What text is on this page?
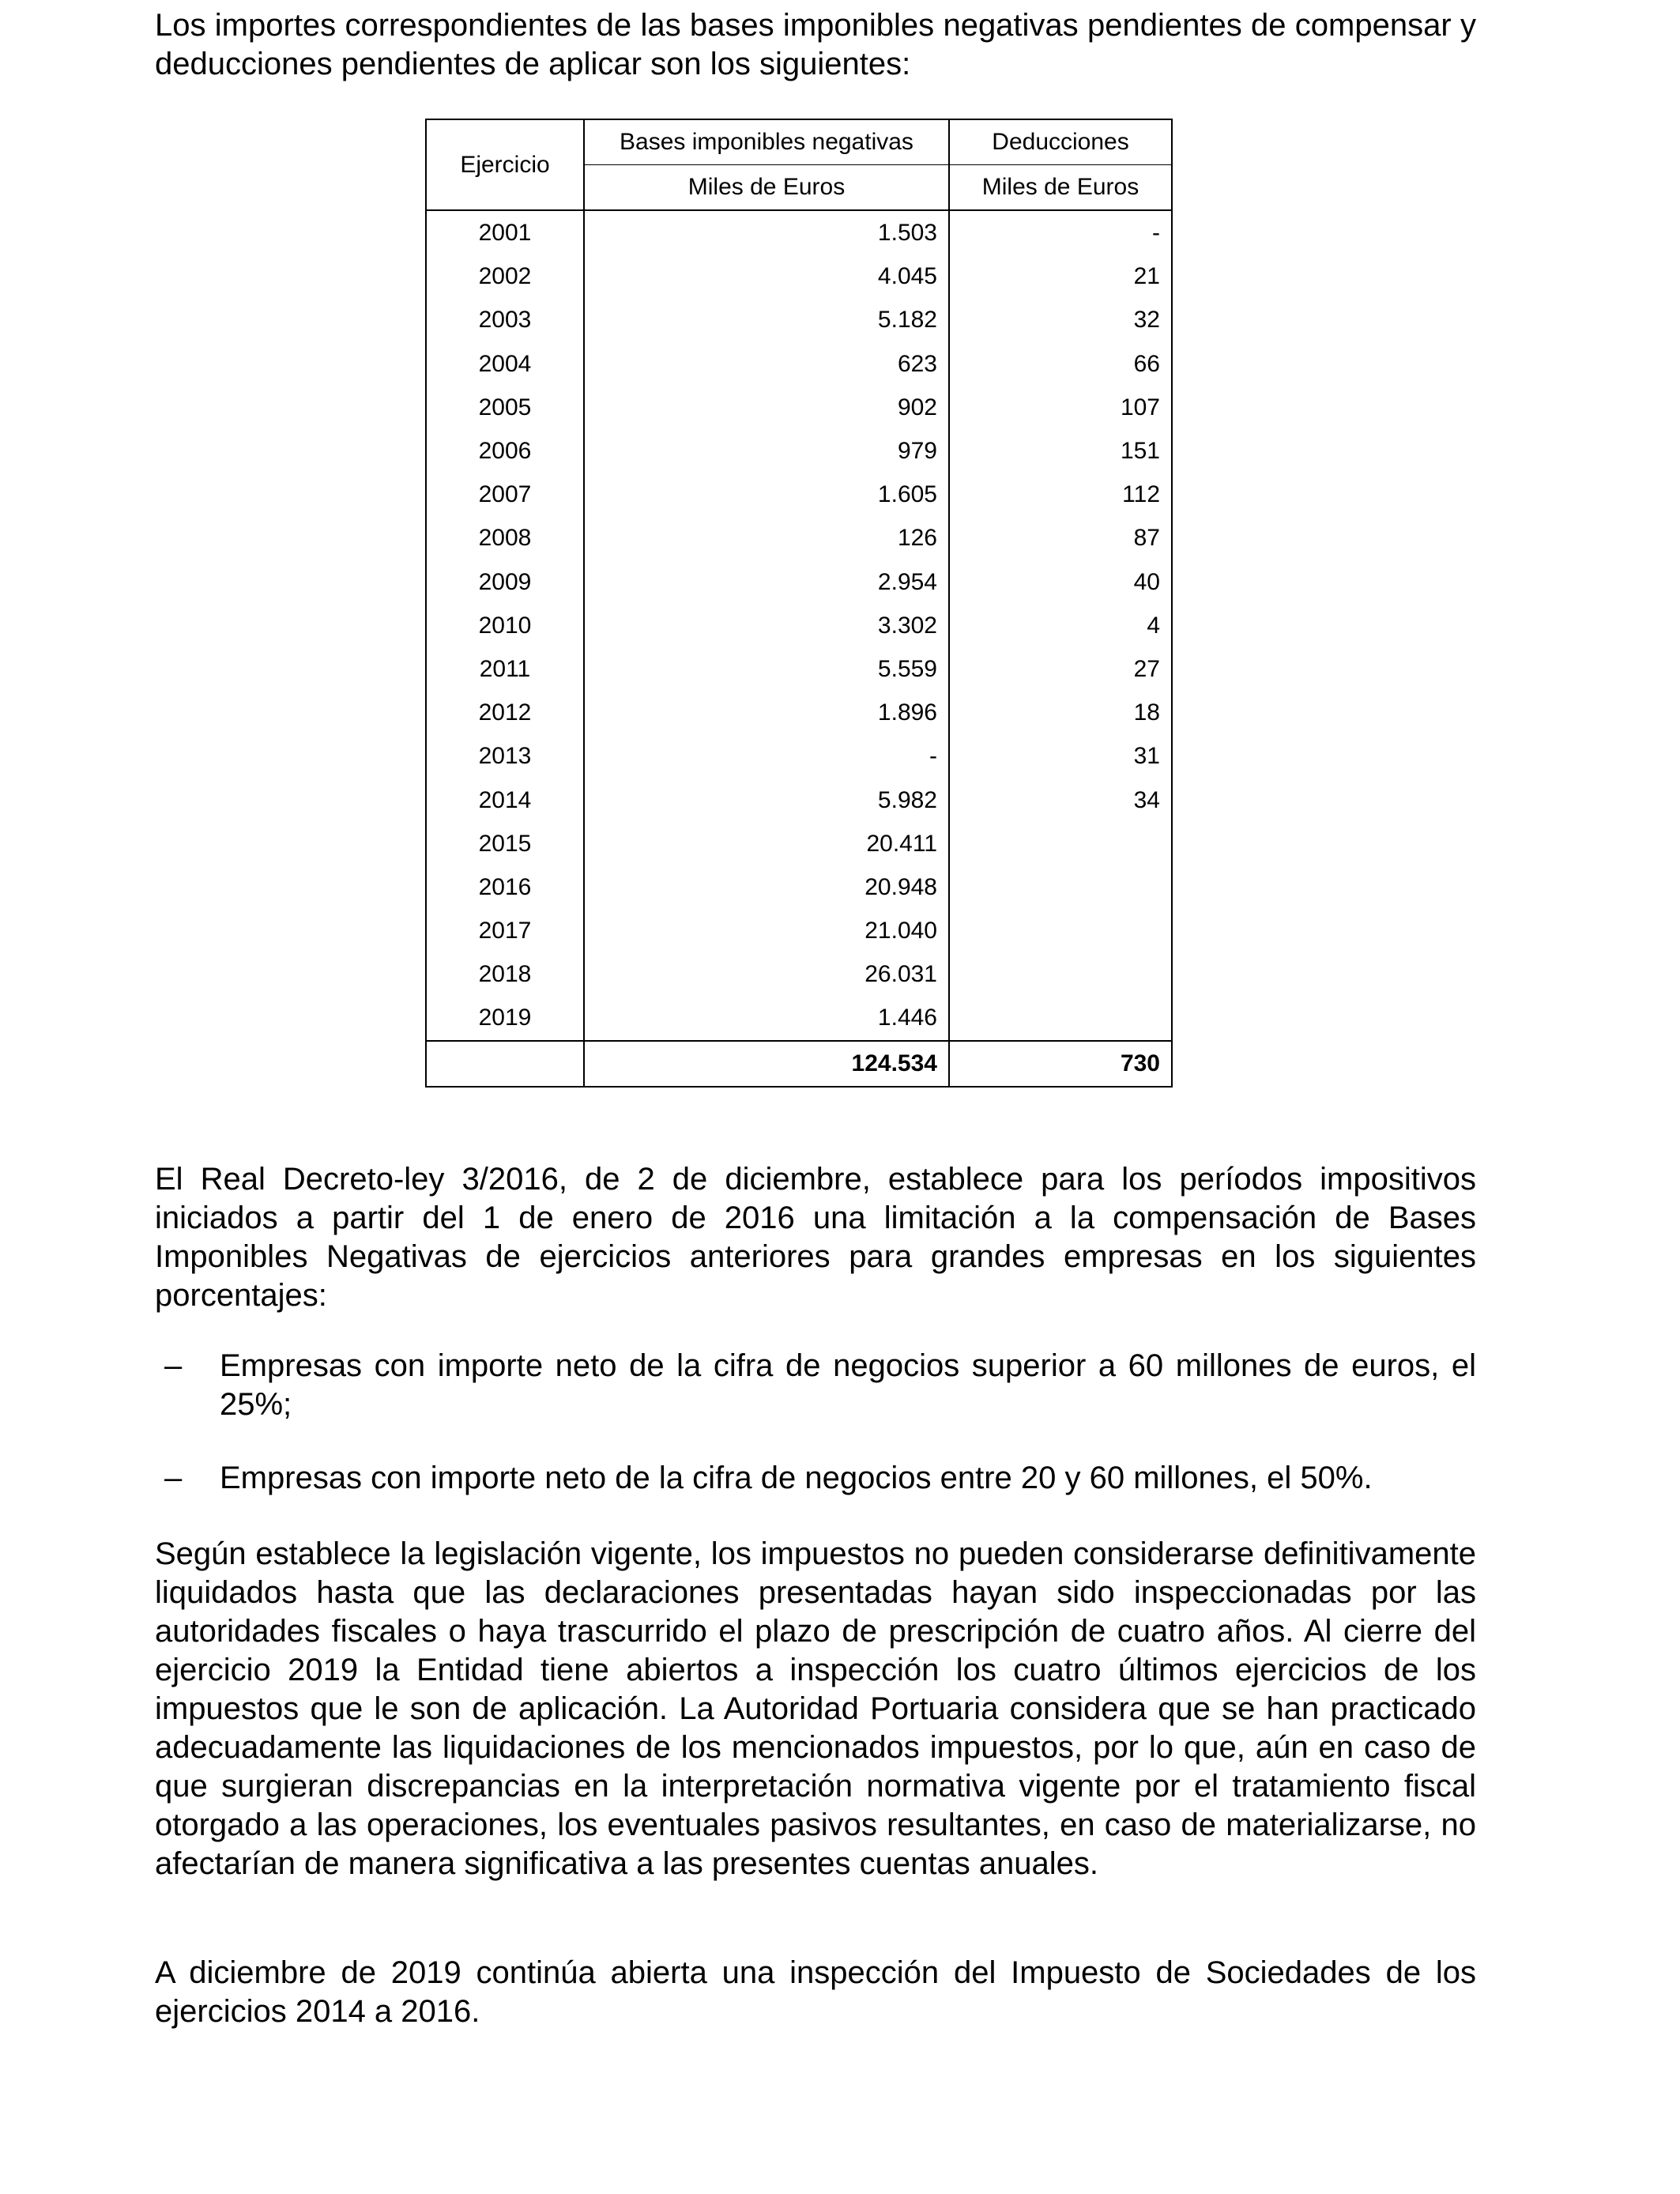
Los importes correspondientes de las bases imponibles negativas pendientes de compensar y deducciones pendientes de aplicar son los siguientes:

Ejercicio	Bases imponibles negativas	Deducciones
	Miles de Euros	Miles de Euros
2001	1.503	-
2002	4.045	21
2003	5.182	32
2004	623	66
2005	902	107
2006	979	151
2007	1.605	112
2008	126	87
2009	2.954	40
2010	3.302	4
2011	5.559	27
2012	1.896	18
2013	-	31
2014	5.982	34
2015	20.411	
2016	20.948	
2017	21.040	
2018	26.031	
2019	1.446	
	124.534	730

El Real Decreto-ley 3/2016, de 2 de diciembre, establece para los períodos impositivos iniciados a partir del 1 de enero de 2016 una limitación a la compensación de Bases Imponibles Negativas de ejercicios anteriores para grandes empresas en los siguientes porcentajes:

– Empresas con importe neto de la cifra de negocios superior a 60 millones de euros, el 25%;
– Empresas con importe neto de la cifra de negocios entre 20 y 60 millones, el 50%.

Según establece la legislación vigente, los impuestos no pueden considerarse definitivamente liquidados hasta que las declaraciones presentadas hayan sido inspeccionadas por las autoridades fiscales o haya trascurrido el plazo de prescripción de cuatro años. Al cierre del ejercicio 2019 la Entidad tiene abiertos a inspección los cuatro últimos ejercicios de los impuestos que le son de aplicación. La Autoridad Portuaria considera que se han practicado adecuadamente las liquidaciones de los mencionados impuestos, por lo que, aún en caso de que surgieran discrepancias en la interpretación normativa vigente por el tratamiento fiscal otorgado a las operaciones, los eventuales pasivos resultantes, en caso de materializarse, no afectarían de manera significativa a las presentes cuentas anuales.

A diciembre de 2019 continúa abierta una inspección del Impuesto de Sociedades de los ejercicios 2014 a 2016.
